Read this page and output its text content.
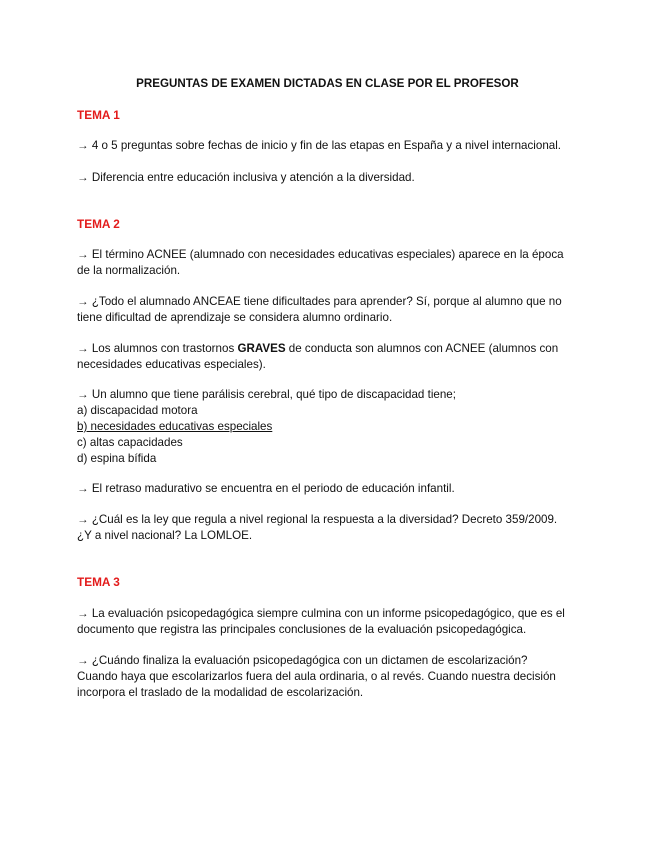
PREGUNTAS DE EXAMEN DICTADAS EN CLASE POR EL PROFESOR
TEMA 1
→ 4 o 5 preguntas sobre fechas de inicio y fin de las etapas en España y a nivel internacional.
→ Diferencia entre educación inclusiva y atención a la diversidad.
TEMA 2
→ El término ACNEE (alumnado con necesidades educativas especiales) aparece en la época
de la normalización.
→ ¿Todo el alumnado ANCEAE tiene dificultades para aprender? Sí, porque al alumno que no
tiene dificultad de aprendizaje se considera alumno ordinario.
→ Los alumnos con trastornos GRAVES de conducta son alumnos con ACNEE (alumnos con
necesidades educativas especiales).
→ Un alumno que tiene parálisis cerebral, qué tipo de discapacidad tiene;
a) discapacidad motora
b) necesidades educativas especiales
c) altas capacidades
d) espina bífida
→ El retraso madurativo se encuentra en el periodo de educación infantil.
→ ¿Cuál es la ley que regula a nivel regional la respuesta a la diversidad? Decreto 359/2009.
¿Y a nivel nacional? La LOMLOE.
TEMA 3
→ La evaluación psicopedagógica siempre culmina con un informe psicopedagógico, que es el
documento que registra las principales conclusiones de la evaluación psicopedagógica.
→ ¿Cuándo finaliza la evaluación psicopedagógica con un dictamen de escolarización?
Cuando haya que escolarizarlos fuera del aula ordinaria, o al revés. Cuando nuestra decisión
incorpora el traslado de la modalidad de escolarización.
